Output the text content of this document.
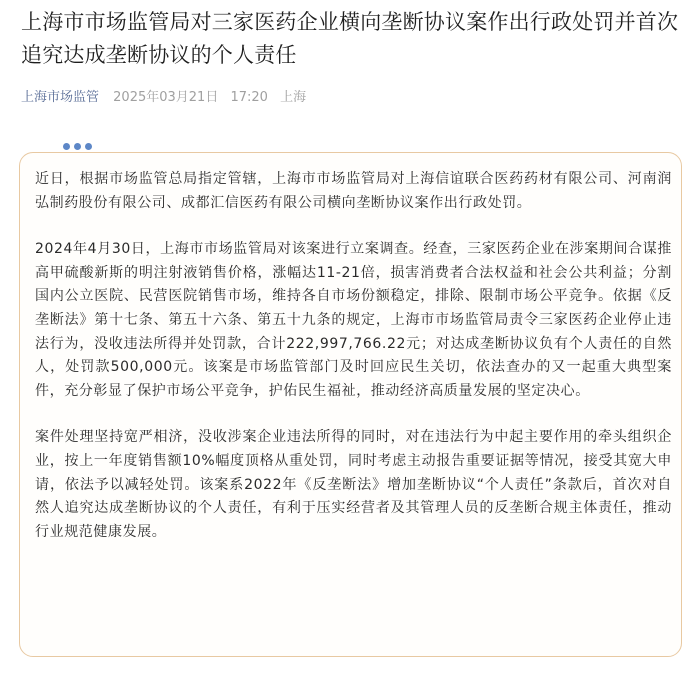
上海市市场监管局对三家医药企业横向垄断协议案作出行政处罚并首次追究达成垄断协议的个人责任
上海市场监管 2025年03月21日 17:20 上海

近日，根据市场监管总局指定管辖，上海市市场监管局对上海信谊联合医药药材有限公司、河南润弘制药股份有限公司、成都汇信医药有限公司横向垄断协议案作出行政处罚。

2024年4月30日，上海市市场监管局对该案进行立案调查。经查，三家医药企业在涉案期间合谋推高甲硫酸新斯的明注射液销售价格，涨幅达11-21倍，损害消费者合法权益和社会公共利益；分割国内公立医院、民营医院销售市场，维持各自市场份额稳定，排除、限制市场公平竞争。依据《反垄断法》第十七条、第五十六条、第五十九条的规定，上海市市场监管局责令三家医药企业停止违法行为，没收违法所得并处罚款，合计222,997,766.22元；对达成垄断协议负有个人责任的自然人，处罚款500,000元。该案是市场监管部门及时回应民生关切，依法查办的又一起重大典型案件，充分彰显了保护市场公平竞争，护佑民生福祉，推动经济高质量发展的坚定决心。

案件处理坚持宽严相济，没收涉案企业违法所得的同时，对在违法行为中起主要作用的牵头组织企业，按上一年度销售额10%幅度顶格从重处罚，同时考虑主动报告重要证据等情况，接受其宽大申请，依法予以减轻处罚。该案系2022年《反垄断法》增加垄断协议“个人责任”条款后，首次对自然人追究达成垄断协议的个人责任，有利于压实经营者及其管理人员的反垄断合规主体责任，推动行业规范健康发展。
